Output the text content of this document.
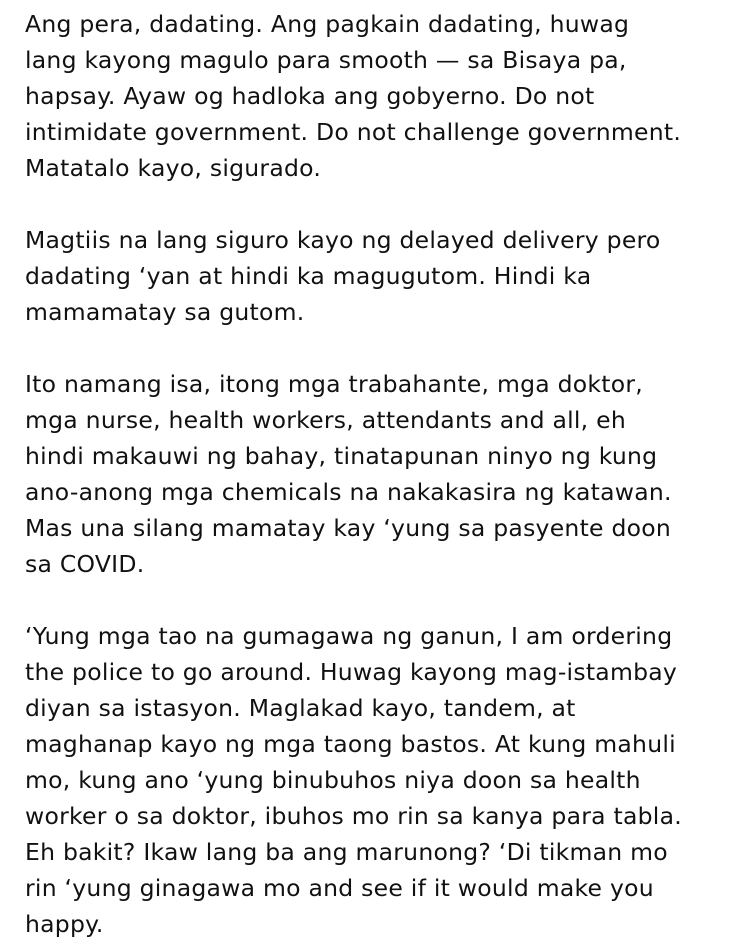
Ang pera, dadating. Ang pagkain dadating, huwag
lang kayong magulo para smooth — sa Bisaya pa,
hapsay. Ayaw og hadloka ang gobyerno. Do not
intimidate government. Do not challenge government.
Matatalo kayo, sigurado.
Magtiis na lang siguro kayo ng delayed delivery pero
dadating ‘yan at hindi ka magugutom. Hindi ka
mamamatay sa gutom.
Ito namang isa, itong mga trabahante, mga doktor,
mga nurse, health workers, attendants and all, eh
hindi makauwi ng bahay, tinatapunan ninyo ng kung
ano-anong mga chemicals na nakakasira ng katawan.
Mas una silang mamatay kay ‘yung sa pasyente doon
sa COVID.
‘Yung mga tao na gumagawa ng ganun, I am ordering
the police to go around. Huwag kayong mag-istambay
diyan sa istasyon. Maglakad kayo, tandem, at
maghanap kayo ng mga taong bastos. At kung mahuli
mo, kung ano ‘yung binubuhos niya doon sa health
worker o sa doktor, ibuhos mo rin sa kanya para tabla.
Eh bakit? Ikaw lang ba ang marunong? ‘Di tikman mo
rin ‘yung ginagawa mo and see if it would make you
happy.
